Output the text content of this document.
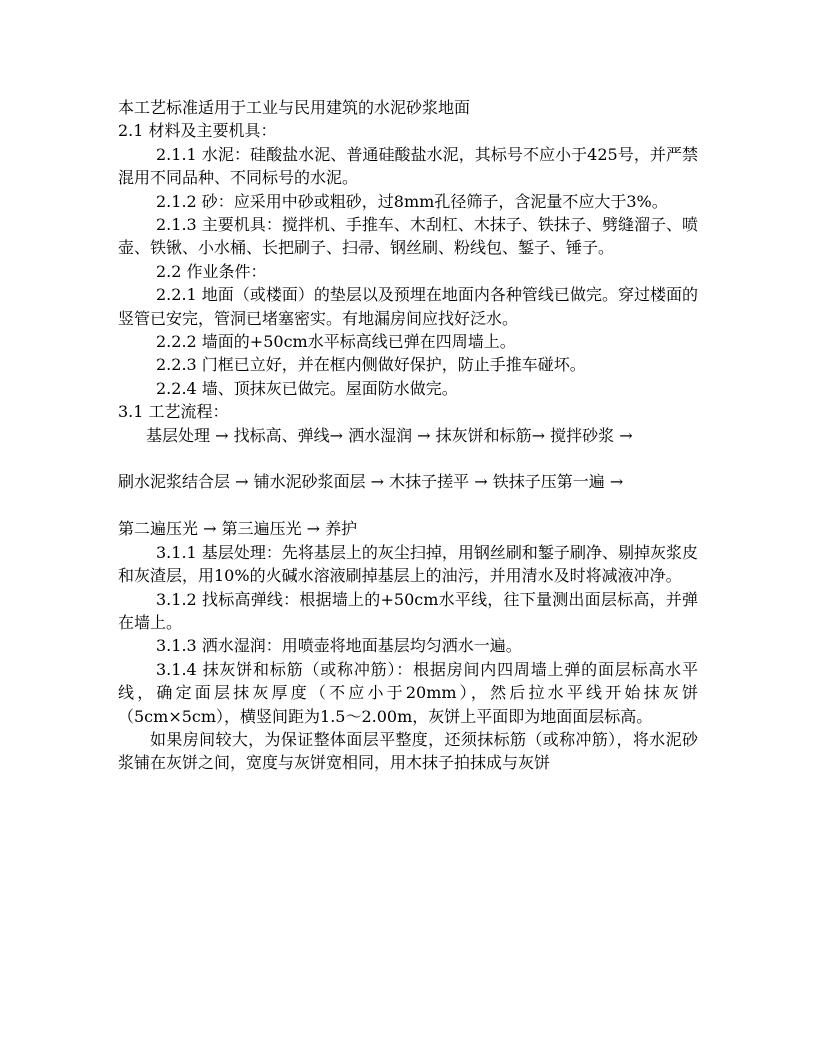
本工艺标准适用于工业与民用建筑的水泥砂浆地面

2.1 材料及主要机具：

2.1.1 水泥：硅酸盐水泥、普通硅酸盐水泥，其标号不应小于425号，并严禁混用不同品种、不同标号的水泥。

2.1.2 砂：应采用中砂或粗砂，过8mm孔径筛子，含泥量不应大于3%。

2.1.3 主要机具：搅拌机、手推车、木刮杠、木抹子、铁抹子、劈缝溜子、喷壶、铁锹、小水桶、长把刷子、扫帚、钢丝刷、粉线包、錾子、锤子。

2.2 作业条件：

2.2.1 地面（或楼面）的垫层以及预埋在地面内各种管线已做完。穿过楼面的竖管已安完，管洞已堵塞密实。有地漏房间应找好泛水。

2.2.2 墙面的+50cm水平标高线已弹在四周墙上。

2.2.3 门框已立好，并在框内侧做好保护，防止手推车碰坏。

2.2.4 墙、顶抹灰已做完。屋面防水做完。

3.1 工艺流程：

基层处理 → 找标高、弹线→ 洒水湿润 → 抹灰饼和标筋→ 搅拌砂浆 →

刷水泥浆结合层 → 铺水泥砂浆面层 → 木抹子搓平 → 铁抹子压第一遍 →

第二遍压光 → 第三遍压光 → 养护

3.1.1 基层处理：先将基层上的灰尘扫掉，用钢丝刷和錾子刷净、剔掉灰浆皮和灰渣层，用10%的火碱水溶液刷掉基层上的油污，并用清水及时将减液冲净。

3.1.2 找标高弹线：根据墙上的+50cm水平线，往下量测出面层标高，并弹在墙上。

3.1.3 洒水湿润：用喷壶将地面基层均匀洒水一遍。

3.1.4 抹灰饼和标筋（或称冲筋）：根据房间内四周墙上弹的面层标高水平线，确定面层抹灰厚度（不应小于20mm），然后拉水平线开始抹灰饼（5cm×5cm），横竖间距为1.5～2.00m，灰饼上平面即为地面面层标高。

如果房间较大，为保证整体面层平整度，还须抹标筋（或称冲筋），将水泥砂浆铺在灰饼之间，宽度与灰饼宽相同，用木抹子拍抹成与灰饼
